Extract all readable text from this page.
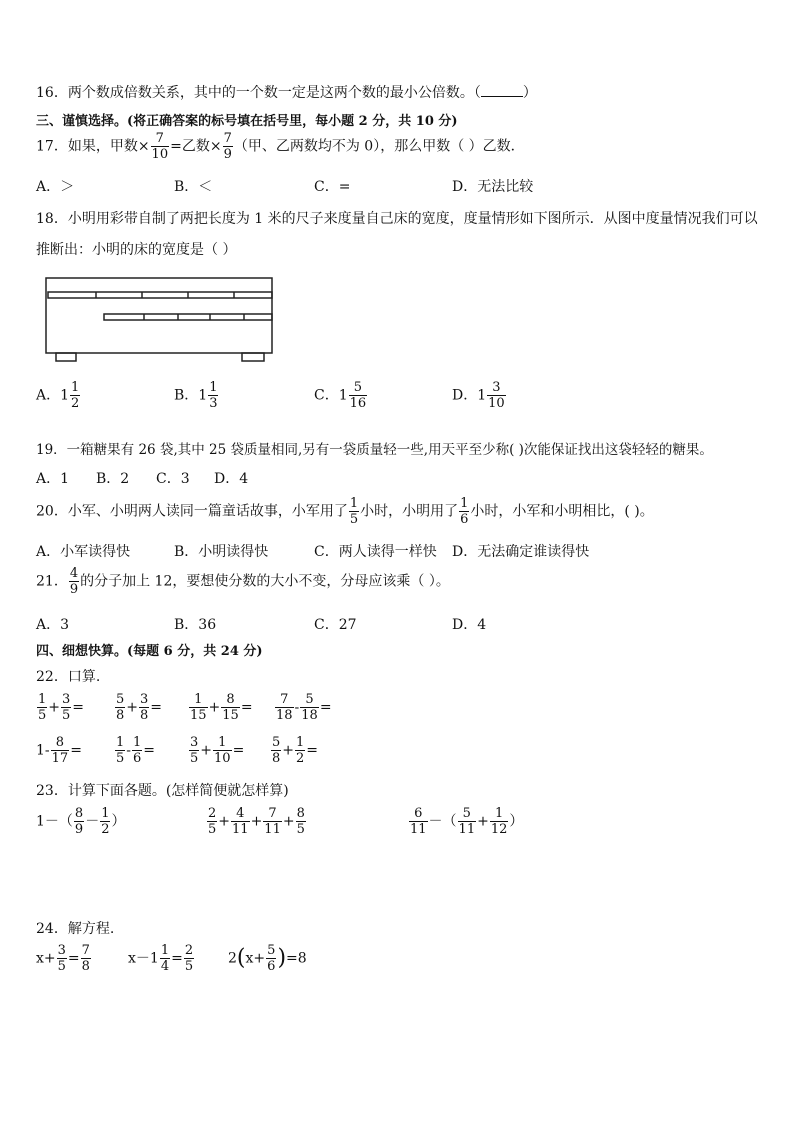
16．两个数成倍数关系，其中的一个数一定是这两个数的最小公倍数。（	）
三、谨慎选择。(将正确答案的标号填在括号里，每小题 2 分，共 10 分)
17．如果，甲数× $\frac{7}{10}$ =乙数× $\frac{7}{9}$ （甲、乙两数均不为 0），那么甲数（ ）乙数．
A．＞	B．＜	C．=	D．无法比较
18．小明用彩带自制了两把长度为 1 米的尺子来度量自己床的宽度，度量情形如下图所示．从图中度量情况我们可以
推断出：小明的床的宽度是（ ）
A．$1 \frac{1}{2}$	B．$1 \frac{1}{3}$	C．$1 \frac{5}{16}$	D．$1 \frac{3}{10}$
19．一箱糖果有 26 袋,其中 25 袋质量相同,另有一袋质量轻一些,用天平至少称( )次能保证找出这袋轻轻的糖果。
A．1 B．2 C．3 D．4
20．小军、小明两人读同一篇童话故事，小军用了 $\frac{1}{5}$ 小时，小明用了 $\frac{1}{6}$ 小时，小军和小明相比，( )。
A．小军读得快	B．小明读得快	C．两人读得一样快 D．无法确定谁读得快
21． $\frac{4}{9}$ 的分子加上 12，要想使分数的大小不变，分母应该乘（ ）。
A．3	B．36	C．27	D．4
四、细想快算。(每题 6 分，共 24 分)
22．口算.
$\frac{1}{5} + \frac{3}{5} = \frac{5}{8} + \frac{3}{8} = \frac{1}{15} + \frac{8}{15} = \frac{7}{18} - \frac{5}{18}$ =
$1- \frac{8}{17}$ =	$\frac{1}{5} - \frac{1}{6}$ =	$\frac{3}{5} + \frac{1}{10} = \frac{5}{8} + \frac{1}{2}$ =
23．计算下面各题。(怎样简便就怎样算)
$1-( \frac{8}{9} - \frac{1}{2}$ ）	$\frac{2}{5} + \frac{4}{11} + \frac{7}{11} + \frac{8}{5}$	$\frac{6}{11}$ －（ $\frac{5}{11} + \frac{1}{12}$ ）
24．解方程.
$x+ \frac{3}{5} = \frac{7}{8}$	$x-1 \frac{1}{4} = \frac{2}{5} 2(x+ \frac{5}{6} )=8$
